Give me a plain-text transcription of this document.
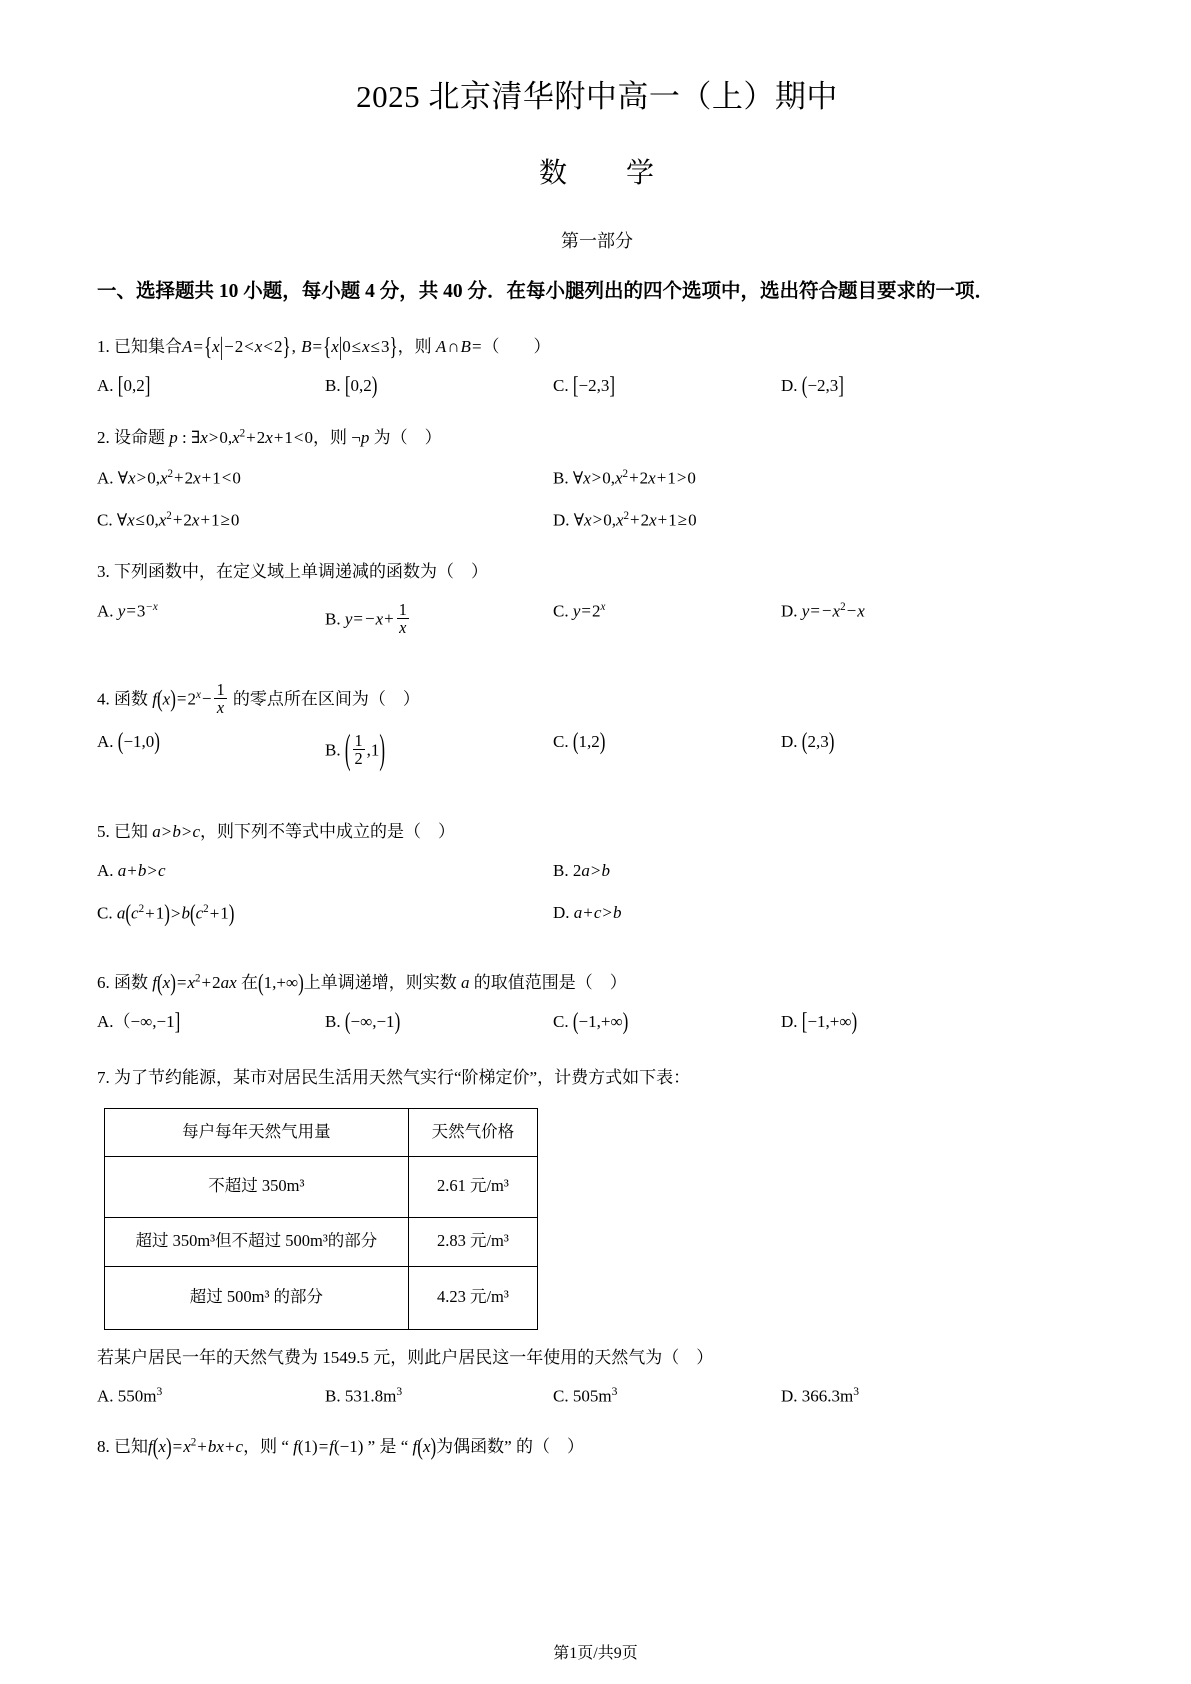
2025 北京清华附中高一（上）期中
数　　学
第一部分
一、选择题共 10 小题，每小题 4 分，共 40 分．在每小腿列出的四个选项中，选出符合题目要求的一项．
1. 已知集合A={x|−2<x<2}, B={x|0≤x≤3}，则 A∩B=（　　）
A. [0,2]	B. [0,2)	C. [−2,3]	D. (−2,3]
2. 设命题 p : $\exists x>0,x^2+2x+1<0$，则 ¬p 为（　）
A. $\forall x>0,x^2+2x+1<0$	B. $\forall x>0,x^2+2x+1>0$
C. $\forall x\le 0,x^2+2x+1\ge 0$	D. $\forall x>0,x^2+2x+1\ge 0$
3. 下列函数中，在定义域上单调递减的函数为（　）
A. $y=3^{-x}$
B. $y= -x+ \frac{1}{x}$	C. $y=2^x$	D. $y= -x^2-x$
4. 函数 $f(x)=2^x- \frac{1}{x}$ 的零点所在区间为（　）
A. (−1,0)	B. ( $\frac{1}{2} ,1$)	C. (1,2)	D. (2,3)
5. 已知 a>b>c，则下列不等式中成立的是（　）
A. a+b>c	B. 2a>b
C. $a(c^2+1)>b(c^2+1)$	D. a+c>b
6. 函数 $f(x)=x^2+2ax$ 在(1,+∞)上单调递增，则实数 a 的取值范围是（　）
A.（−∞,−1]	B. (−∞,−1)	C. (−1,+∞)	D. [−1,+∞)
7. 为了节约能源，某市对居民生活用天然气实行“阶梯定价”，计费方式如下表：
每户每年天然气用量	天然气价格
不超过 350m³	2.61 元/m³
超过 350m³但不超过 500m³的部分	2.83 元/m³
超过 500m³ 的部分	4.23 元/m³
若某户居民一年的天然气费为 1549.5 元，则此户居民这一年使用的天然气为（　）
A. $550m^3$	B. $531.8m^3$	C. $505m^3$	D. $366.3m^3$
8. 已知$f(x)=x^2+bx+c$，则 “ f(1)=f(−1) ” 是 “ f(x)为偶函数” 的（　）
第1页/共9页
